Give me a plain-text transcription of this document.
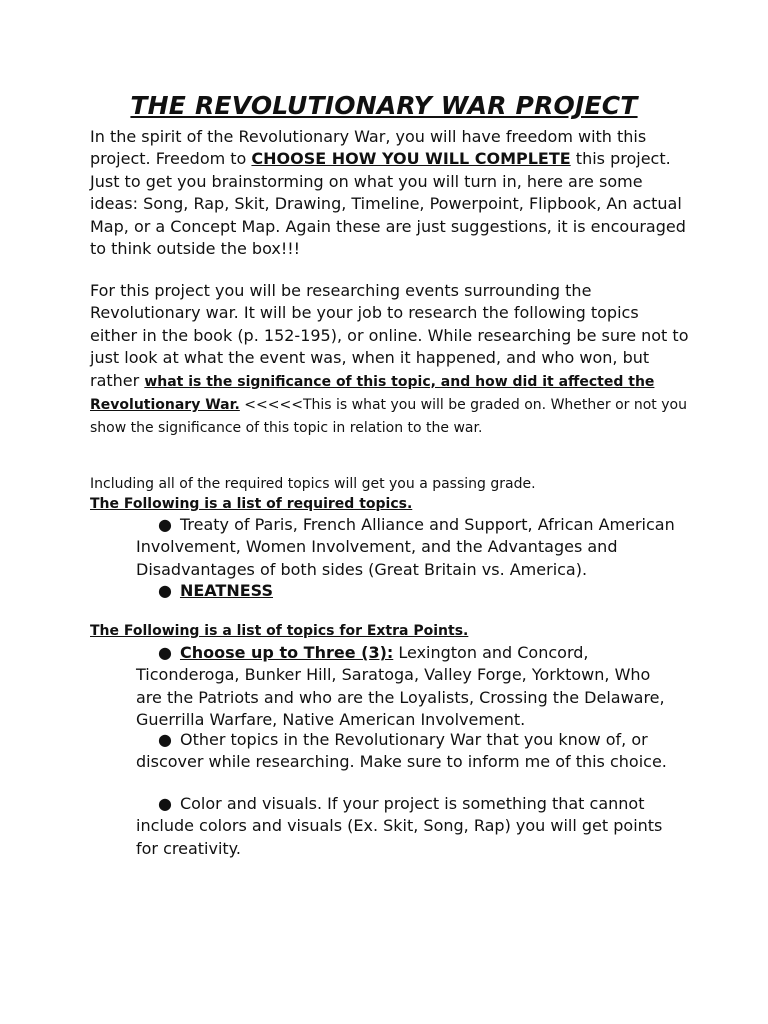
THE REVOLUTIONARY WAR PROJECT
In the spirit of the Revolutionary War, you will have freedom with this project. Freedom to CHOOSE HOW YOU WILL COMPLETE this project. Just to get you brainstorming on what you will turn in, here are some ideas: Song, Rap, Skit, Drawing, Timeline, Powerpoint, Flipbook, An actual Map, or a Concept Map. Again these are just suggestions, it is encouraged to think outside the box!!!
For this project you will be researching events surrounding the Revolutionary war. It will be your job to research the following topics either in the book (p. 152-195), or online. While researching be sure not to just look at what the event was, when it happened, and who won, but rather what is the significance of this topic, and how did it affected the Revolutionary War. <<<<<This is what you will be graded on. Whether or not you show the significance of this topic in relation to the war.
Including all of the required topics will get you a passing grade.
The Following is a list of required topics.
● Treaty of Paris, French Alliance and Support, African American Involvement, Women Involvement, and the Advantages and Disadvantages of both sides (Great Britain vs. America).
● NEATNESS
The Following is a list of topics for Extra Points.
● Choose up to Three (3): Lexington and Concord, Ticonderoga, Bunker Hill, Saratoga, Valley Forge, Yorktown, Who are the Patriots and who are the Loyalists, Crossing the Delaware, Guerrilla Warfare, Native American Involvement.
● Other topics in the Revolutionary War that you know of, or discover while researching. Make sure to inform me of this choice.
● Color and visuals. If your project is something that cannot include colors and visuals (Ex. Skit, Song, Rap) you will get points for creativity.
